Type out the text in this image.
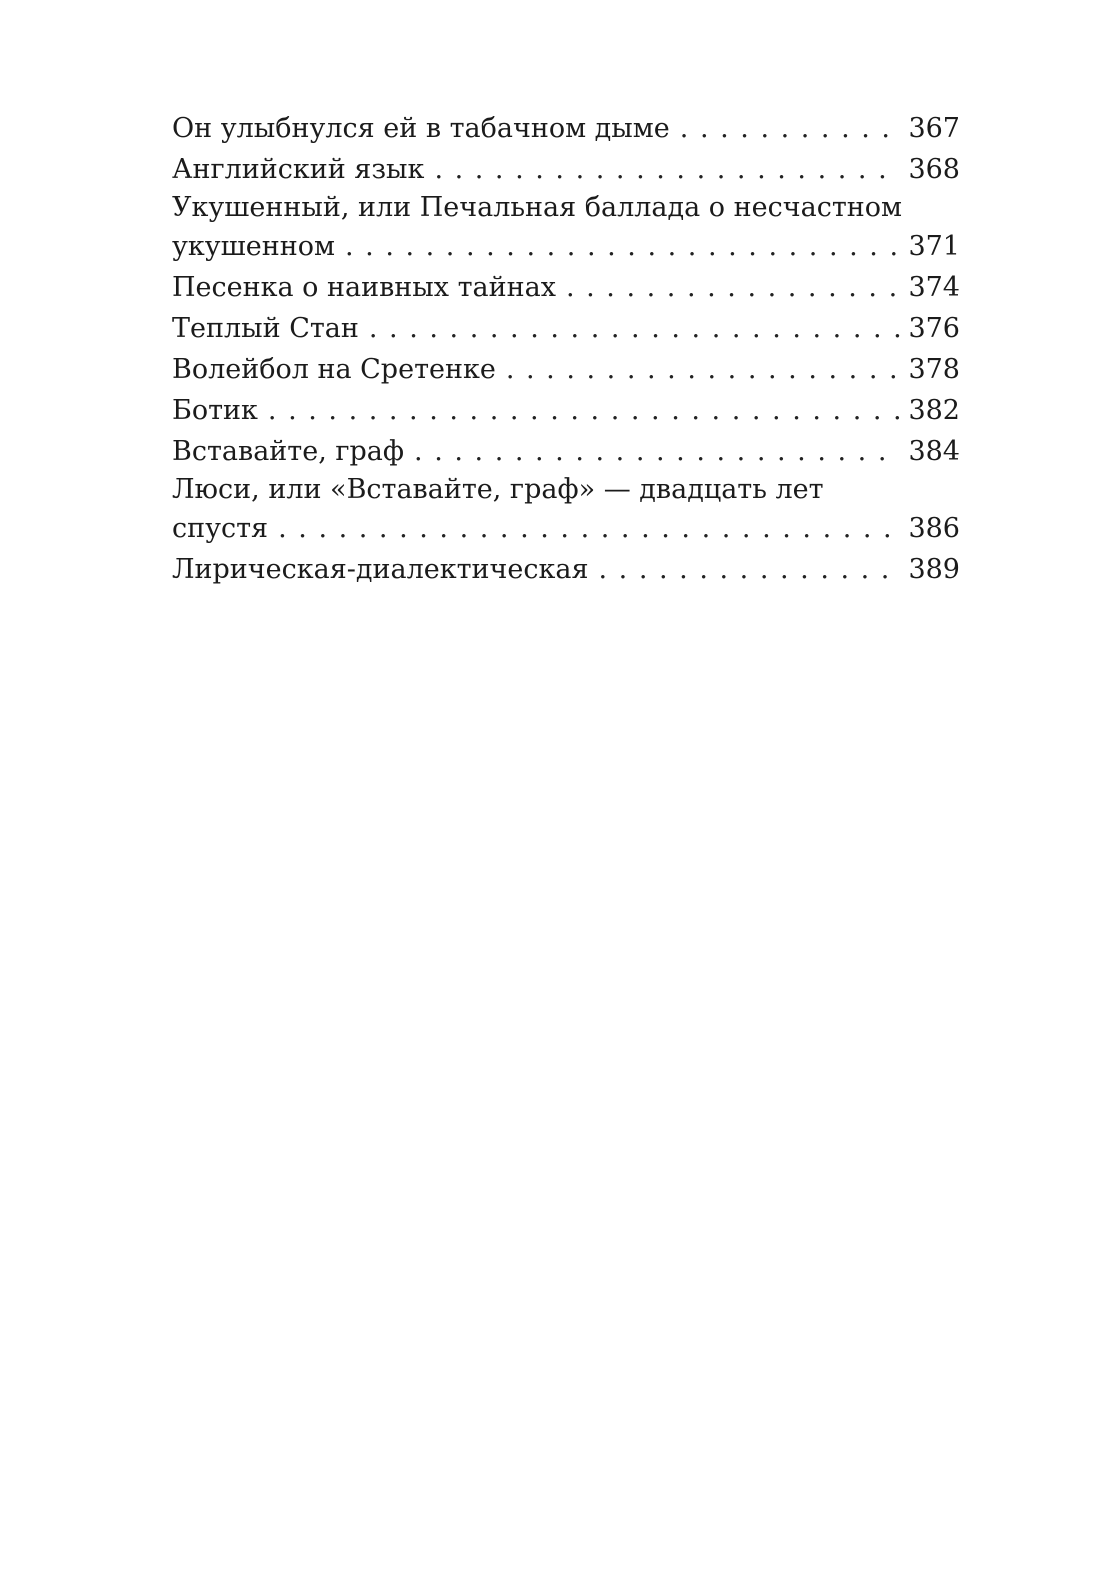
Он улыбнулся ей в табачном дыме . . .	367
Английский язык . . .	368
Укушенный, или Печальная баллада о несчастном
укушенном . . .	371
Песенка о наивных тайнах . . .	374
Теплый Стан . . .	376
Волейбол на Сретенке . . .	378
Ботик . . .	382
Вставайте, граф . . .	384
Люси, или «Вставайте, граф» — двадцать лет
спустя . . .	386
Лирическая-диалектическая . . .	389
